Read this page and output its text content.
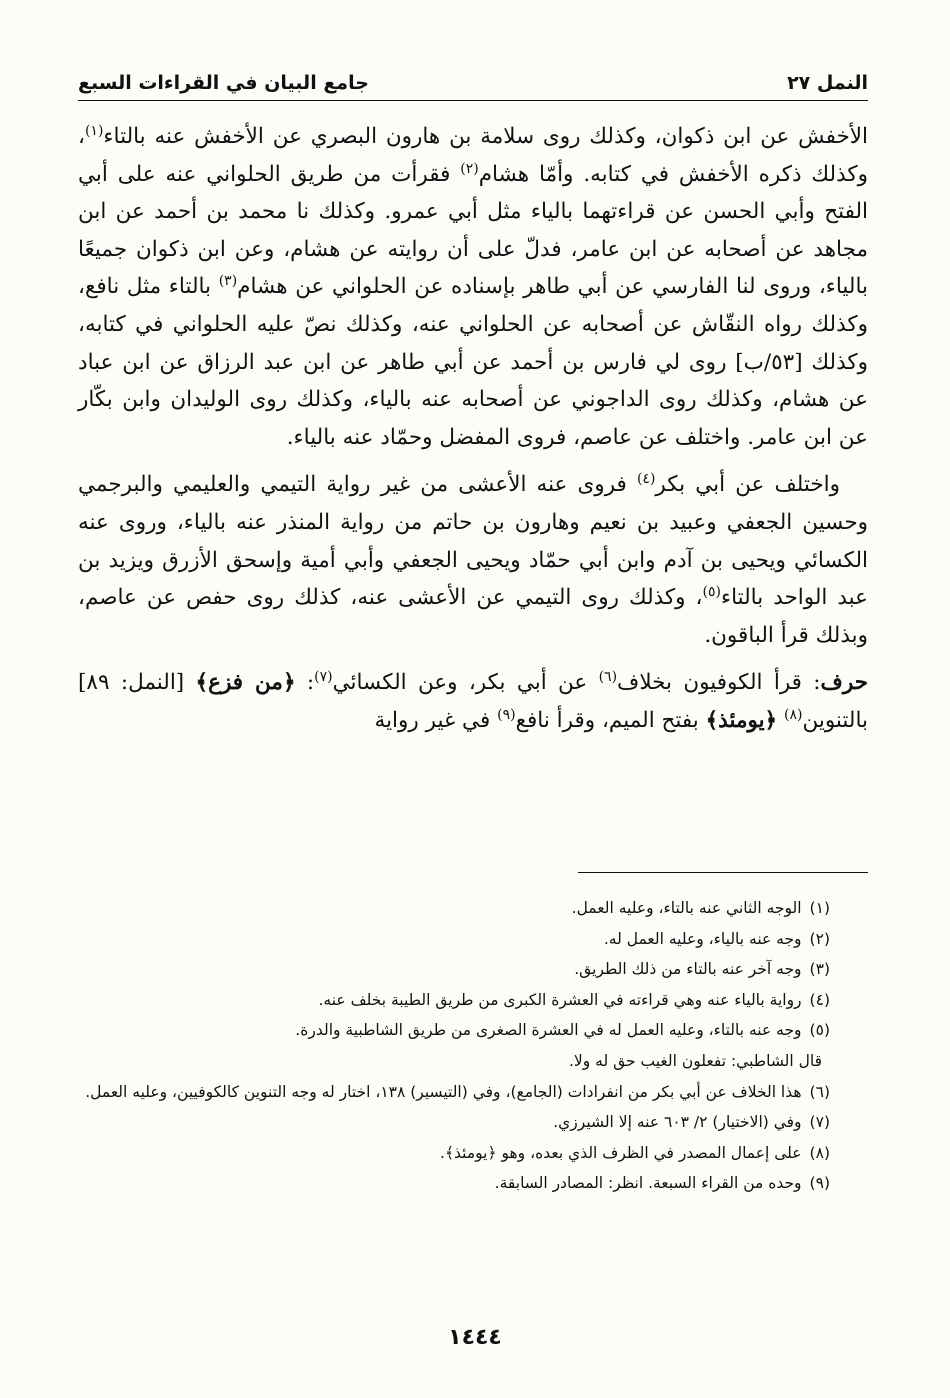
النمل ٢٧
جامع البيان في القراءات السبع

الأخفش عن ابن ذكوان، وكذلك روى سلامة بن هارون البصري عن الأخفش عنه بالتاء$^{(١)}$، وكذلك ذكره الأخفش في كتابه. وأمّا هشام$^{(٢)}$ فقرأت من طريق الحلواني عنه على أبي الفتح وأبي الحسن عن قراءتهما بالياء مثل أبي عمرو. وكذلك نا محمد بن أحمد عن ابن مجاهد عن أصحابه عن ابن عامر، فدلّ على أن روايته عن هشام، وعن ابن ذكوان جميعًا بالياء، وروى لنا الفارسي عن أبي طاهر بإسناده عن الحلواني عن هشام$^{(٣)}$ بالتاء مثل نافع، وكذلك رواه النقّاش عن أصحابه عن الحلواني عنه، وكذلك نصّ عليه الحلواني في كتابه، وكذلك [٥٣/ب] روى لي فارس بن أحمد عن أبي طاهر عن ابن عبد الرزاق عن ابن عباد عن هشام، وكذلك روى الداجوني عن أصحابه عنه بالياء، وكذلك روى الوليدان وابن بكّار عن ابن عامر. واختلف عن عاصم، فروى المفضل وحمّاد عنه بالياء.

واختلف عن أبي بكر$^{(٤)}$ فروى عنه الأعشى من غير رواية التيمي والعليمي والبرجمي وحسين الجعفي وعبيد بن نعيم وهارون بن حاتم من رواية المنذر عنه بالياء، وروى عنه الكسائي ويحيى بن آدم وابن أبي حمّاد ويحيى الجعفي وأبي أمية وإسحق الأزرق ويزيد بن عبد الواحد بالتاء$^{(٥)}$، وكذلك روى التيمي عن الأعشى عنه، كذلك روى حفص عن عاصم، وبذلك قرأ الباقون.

حرف: قرأ الكوفيون بخلاف$^{(٦)}$ عن أبي بكر، وعن الكسائي$^{(٧)}$: ﴿من فزع﴾ [النمل: ٨٩] بالتنوين$^{(٨)}$ ﴿يومئذ﴾ بفتح الميم، وقرأ نافع$^{(٩)}$ في غير رواية

(١)
الوجه الثاني عنه بالتاء، وعليه العمل.

(٢)
وجه عنه بالياء، وعليه العمل له.

(٣)
وجه آخر عنه بالتاء من ذلك الطريق.

(٤)
رواية بالياء عنه وهي قراءته في العشرة الكبرى من طريق الطيبة بخلف عنه.

(٥)
وجه عنه بالتاء، وعليه العمل له في العشرة الصغرى من طريق الشاطبية والدرة.

قال الشاطبي: تفعلون الغيب حق له ولا.

(٦)
هذا الخلاف عن أبي بكر من انفرادات (الجامع)، وفي (التيسير) ١٣٨، اختار له وجه التنوين كالكوفيين، وعليه العمل.

(٧)
وفي (الاختيار) ٢/ ٦٠٣ عنه إلا الشيرزي.

(٨)
على إعمال المصدر في الظرف الذي بعده، وهو ﴿يومئذ﴾.

(٩)
وحده من القراء السبعة. انظر: المصادر السابقة.

١٤٤٤
